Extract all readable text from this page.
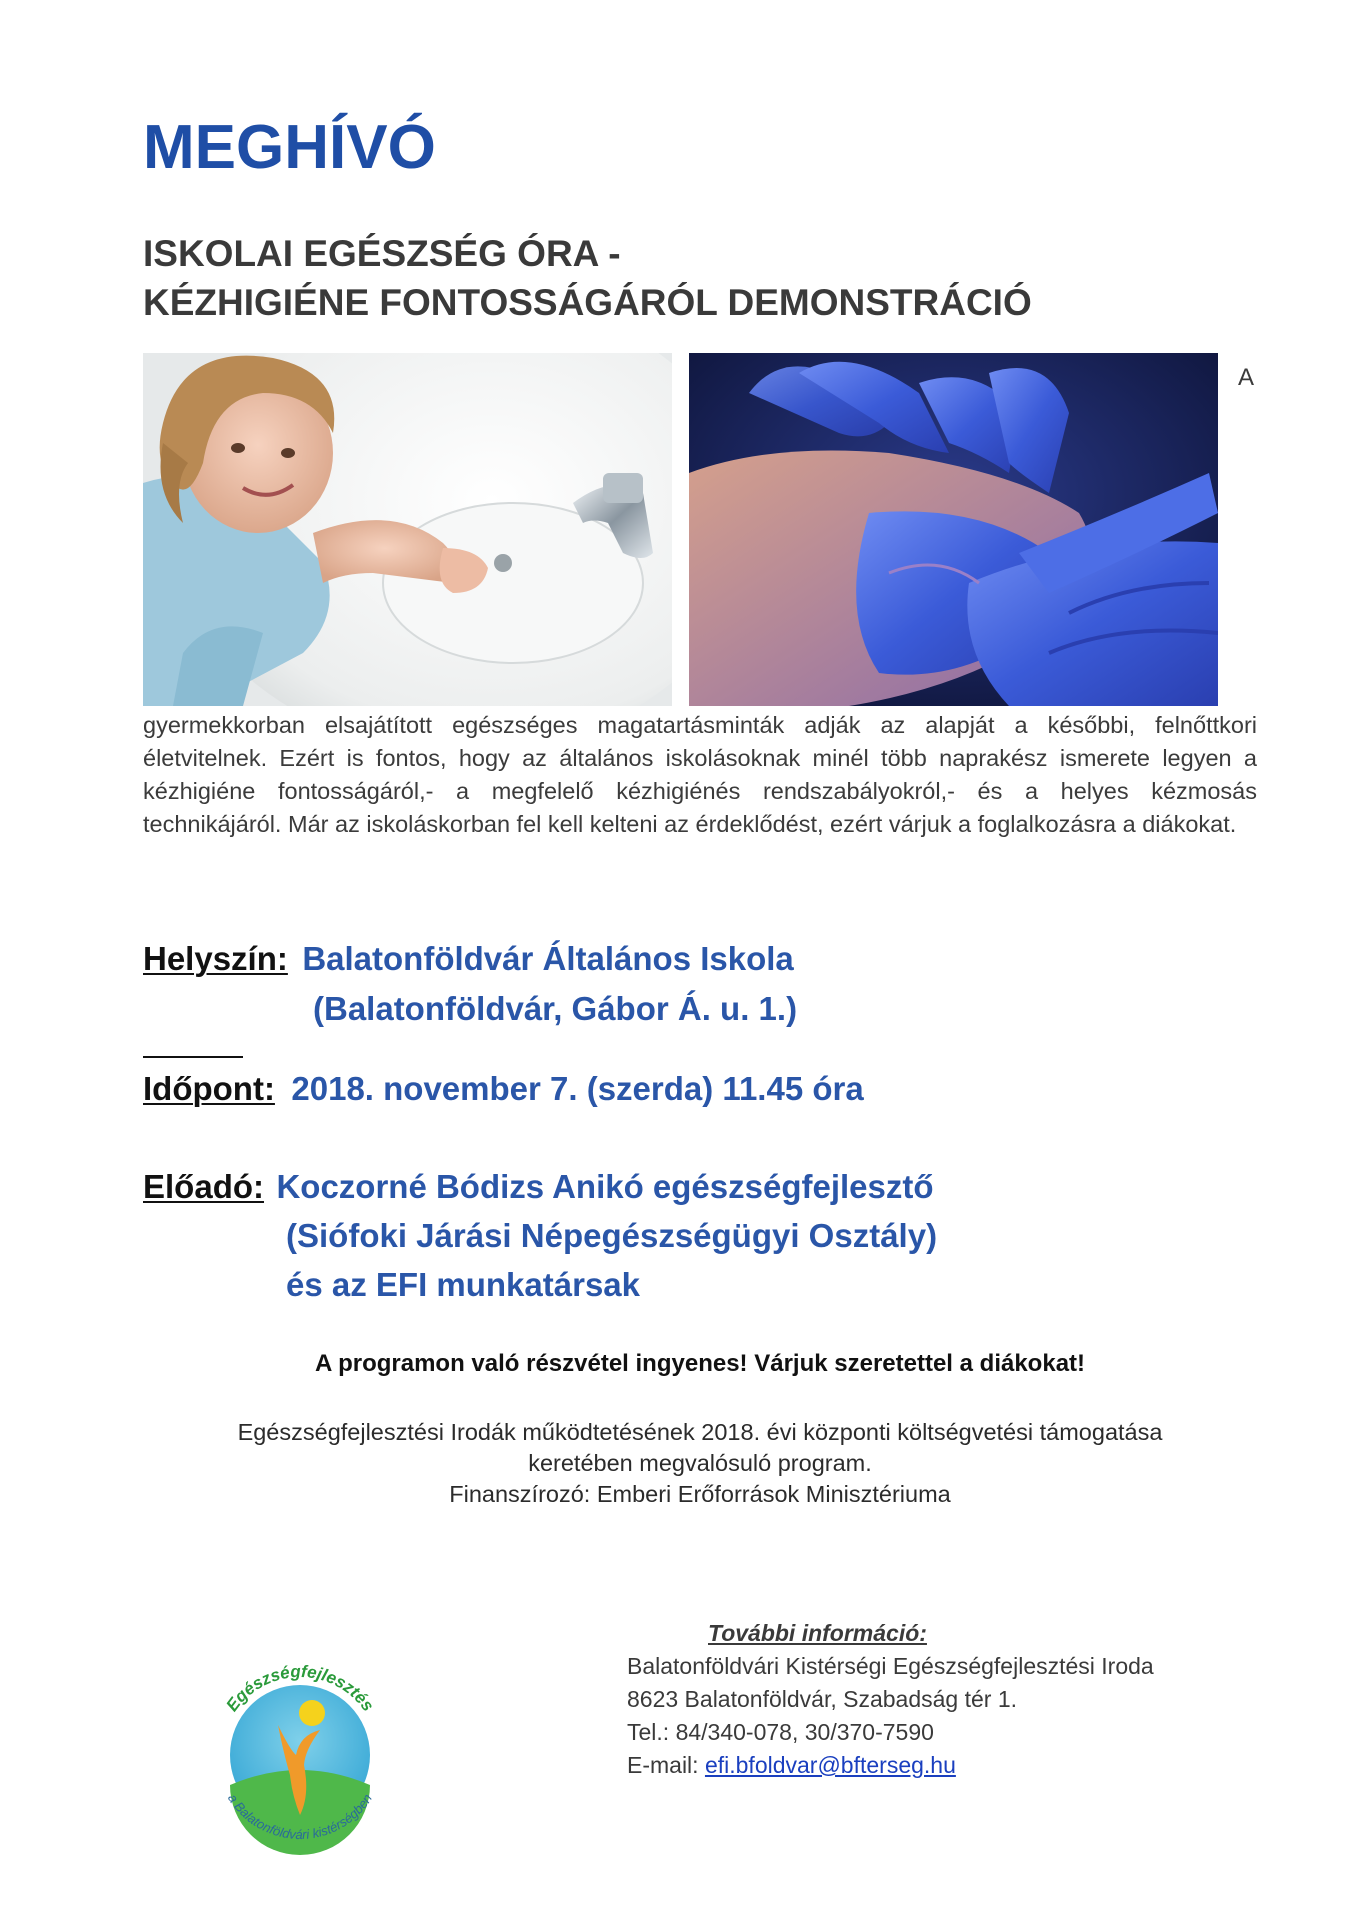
MEGHÍVÓ
ISKOLAI EGÉSZSÉG ÓRA -
KÉZHIGIÉNE FONTOSSÁGÁRÓL DEMONSTRÁCIÓ
A
gyermekkorban elsajátított egészséges magatartásminták adják az alapját a későbbi, felnőttkori életvitelnek. Ezért is fontos, hogy az általános iskolásoknak minél több naprakész ismerete legyen a kézhigiéne fontosságáról,- a megfelelő kézhigiénés rendszabályokról,- és a helyes kézmosás technikájáról. Már az iskoláskorban fel kell kelteni az érdeklődést, ezért várjuk a foglalkozásra a diákokat.
Helyszín: Balatonföldvár Általános Iskola
(Balatonföldvár, Gábor Á. u. 1.)
Időpont: 2018. november 7. (szerda) 11.45 óra
Előadó: Koczorné Bódizs Anikó egészségfejlesztő
(Siófoki Járási Népegészségügyi Osztály)
és az EFI munkatársak
A programon való részvétel ingyenes! Várjuk szeretettel a diákokat!
Egészségfejlesztési Irodák működtetésének 2018. évi központi költségvetési támogatása
keretében megvalósuló program.
Finanszírozó: Emberi Erőforrások Minisztériuma
Egészségfejlesztés
a Balatonföldvári kistérségben
További információ:
Balatonföldvári Kistérségi Egészségfejlesztési Iroda
8623 Balatonföldvár, Szabadság tér 1.
Tel.: 84/340-078, 30/370-7590
E-mail: efi.bfoldvar@bfterseg.hu
